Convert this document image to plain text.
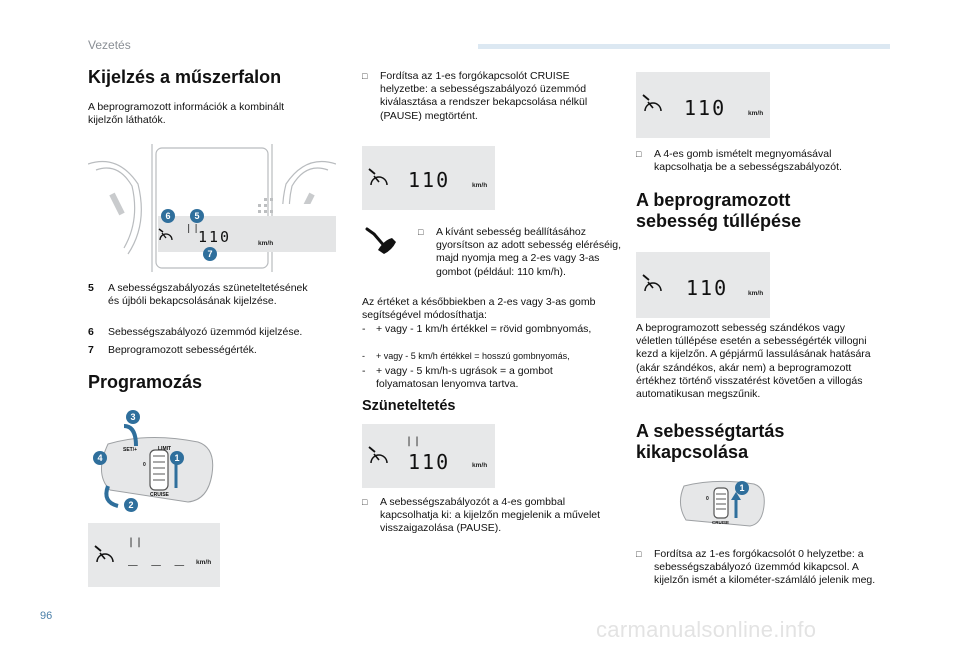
Vezetés
Kijelzés a műszerfalon
A beprogramozott információk a kombinált kijelzőn láthatók.
||
110	km/h
6	5
7
5 A sebességszabályozás szüneteltetésének és újbóli bekapcsolásának kijelzése.
6 Sebességszabályozó üzemmód kijelzése.
7 Beprogramozott sebességérték.
Programozás
SET/+	LIMIT
0
CRUISE
3
4	1
2
||
_ _ _ km/h
□ Fordítsa az 1-es forgókapcsolót CRUISE helyzetbe: a sebességszabályozó üzemmód kiválasztása a rendszer bekapcsolása nélkül (PAUSE) megtörtént.
110	km/h
□ A kívánt sebesség beállításához gyorsítson az adott sebesség eléréséig, majd nyomja meg a 2-es vagy 3-as gombot (például: 110 km/h).
Az értéket a későbbiekben a 2-es vagy 3-as gomb segítségével módosíthatja:
- + vagy - 1 km/h értékkel = rövid gombnyomás,
- + vagy - 5 km/h értékkel = hosszú gombnyomás,
- + vagy - 5 km/h-s ugrások = a gombot folyamatosan lenyomva tartva.
Szüneteltetés
||
110	km/h
□ A sebességszabályozót a 4-es gombbal kapcsolhatja ki: a kijelzőn megjelenik a művelet visszaigazolása (PAUSE).
110	km/h
□ A 4-es gomb ismételt megnyomásával kapcsolhatja be a sebességszabályozót.
A beprogramozott sebesség túllépése
110	km/h
A beprogramozott sebesség szándékos vagy véletlen túllépése esetén a sebességérték villogni kezd a kijelzőn. A gépjármű lassulásának hatására (akár szándékos, akár nem) a beprogramozott értékhez történő visszatérést követően a villogás automatikusan megszűnik.
A sebességtartás kikapcsolása
0
CRUISE
1
□ Fordítsa az 1-es forgókacsolót 0 helyzetbe: a sebességszabályozó üzemmód kikapcsol. A kijelzőn ismét a kilométer-számláló jelenik meg.
96
carmanualsonline.info
